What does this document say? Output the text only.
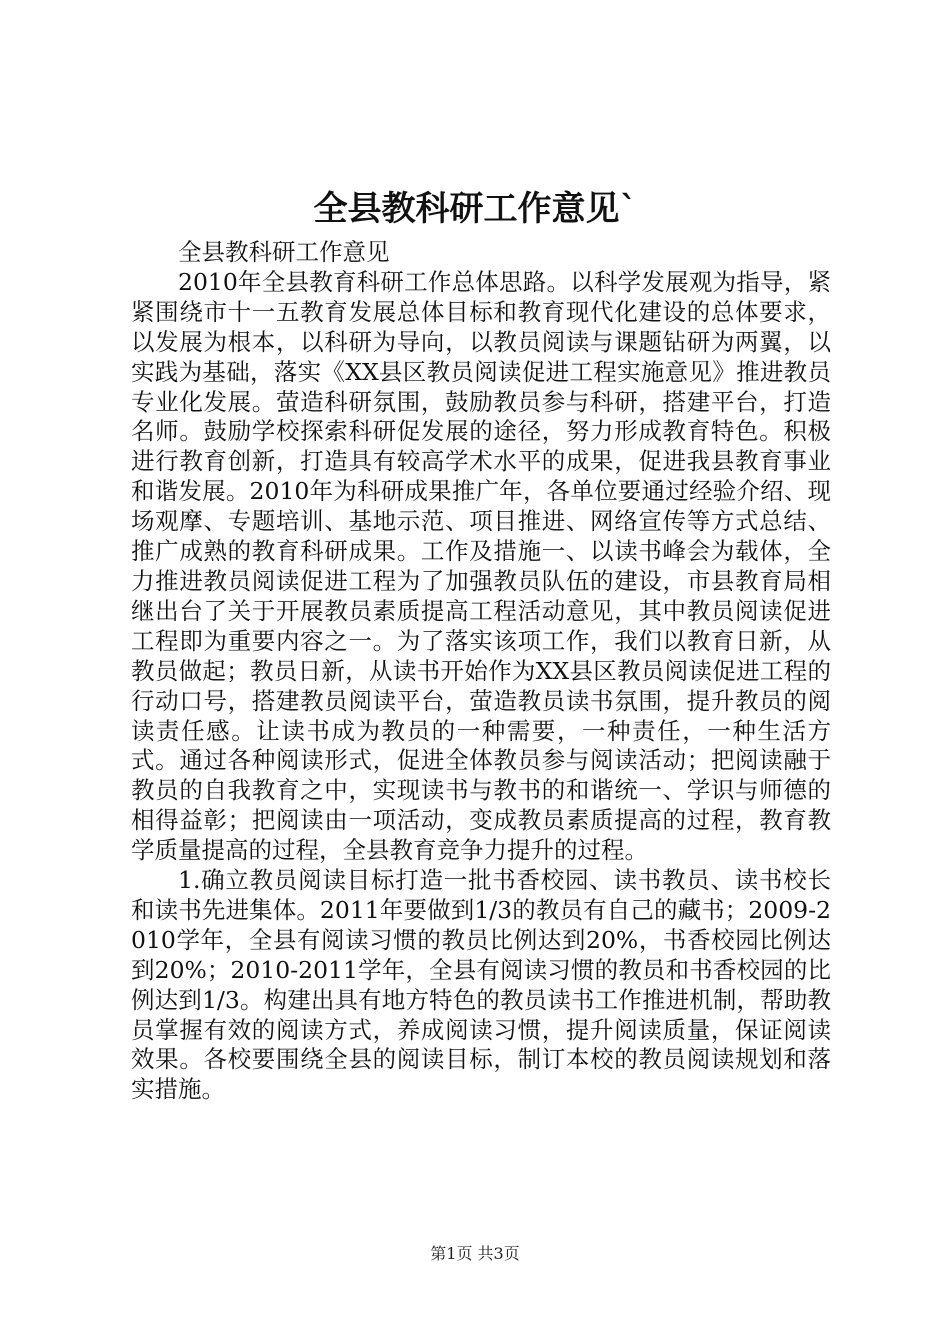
全县教科研工作意见`

全县教科研工作意见

2010年全县教育科研工作总体思路。以科学发展观为指导，紧紧围绕市十一五教育发展总体目标和教育现代化建设的总体要求，以发展为根本，以科研为导向，以教员阅读与课题钻研为两翼，以实践为基础，落实《XX县区教员阅读促进工程实施意见》推进教员专业化发展。萤造科研氛围，鼓励教员参与科研，搭建平台，打造名师。鼓励学校探索科研促发展的途径，努力形成教育特色。积极进行教育创新，打造具有较高学术水平的成果，促进我县教育事业和谐发展。2010年为科研成果推广年，各单位要通过经验介绍、现场观摩、专题培训、基地示范、项目推进、网络宣传等方式总结、推广成熟的教育科研成果。工作及措施一、以读书峰会为载体，全力推进教员阅读促进工程为了加强教员队伍的建设，市县教育局相继出台了关于开展教员素质提高工程活动意见，其中教员阅读促进工程即为重要内容之一。为了落实该项工作，我们以教育日新，从教员做起；教员日新，从读书开始作为XX县区教员阅读促进工程的行动口号，搭建教员阅读平台，萤造教员读书氛围，提升教员的阅读责任感。让读书成为教员的一种需要，一种责任，一种生活方式。通过各种阅读形式，促进全体教员参与阅读活动；把阅读融于教员的自我教育之中，实现读书与教书的和谐统一、学识与师德的相得益彰；把阅读由一项活动，变成教员素质提高的过程，教育教学质量提高的过程，全县教育竞争力提升的过程。

1.确立教员阅读目标打造一批书香校园、读书教员、读书校长和读书先进集体。2011年要做到1/3的教员有自己的藏书；2009-2010学年，全县有阅读习惯的教员比例达到20%，书香校园比例达到20%；2010-2011学年，全县有阅读习惯的教员和书香校园的比例达到1/3。构建出具有地方特色的教员读书工作推进机制，帮助教员掌握有效的阅读方式，养成阅读习惯，提升阅读质量，保证阅读效果。各校要围绕全县的阅读目标，制订本校的教员阅读规划和落实措施。

第1页 共3页
